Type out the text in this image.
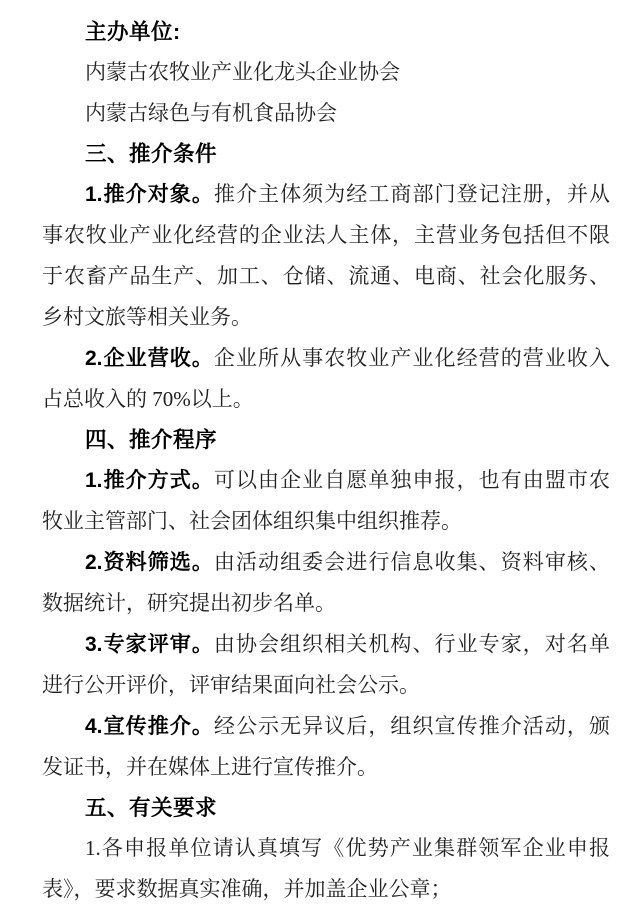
主办单位:
内蒙古农牧业产业化龙头企业协会
内蒙古绿色与有机食品协会
三、推介条件
1.推介对象。推介主体须为经工商部门登记注册，并从
事农牧业产业化经营的企业法人主体，主营业务包括但不限
于农畜产品生产、加工、仓储、流通、电商、社会化服务、
乡村文旅等相关业务。
2.企业营收。企业所从事农牧业产业化经营的营业收入
占总收入的 70%以上。
四、推介程序
1.推介方式。可以由企业自愿单独申报，也有由盟市农
牧业主管部门、社会团体组织集中组织推荐。
2.资料筛选。由活动组委会进行信息收集、资料审核、
数据统计，研究提出初步名单。
3.专家评审。由协会组织相关机构、行业专家，对名单
进行公开评价，评审结果面向社会公示。
4.宣传推介。经公示无异议后，组织宣传推介活动，颁
发证书，并在媒体上进行宣传推介。
五、有关要求
1.各申报单位请认真填写《优势产业集群领军企业申报
表》，要求数据真实准确，并加盖企业公章；
